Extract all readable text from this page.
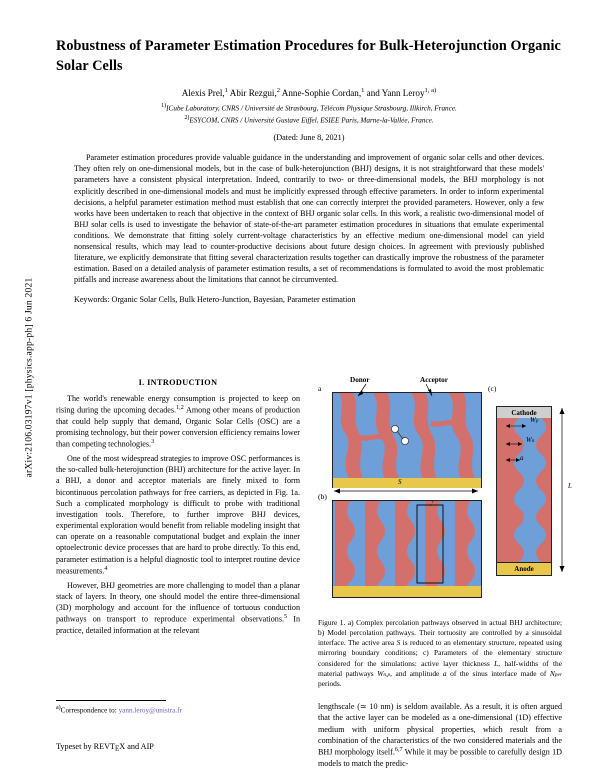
arXiv:2106.03197v1 [physics.app-ph] 6 Jun 2021
Robustness of Parameter Estimation Procedures for Bulk-Heterojunction Organic Solar Cells
Alexis Prel,$^1$ Abir Rezgui,$^2$ Anne-Sophie Cordan,$^1$ and Yann Leroy$^{1, a)}$
$^{1)}$ICube Laboratory, CNRS / Université de Strasbourg, Télécom Physique Strasbourg, Illkirch, France.
$^{2)}$ESYCOM, CNRS / Université Gustave Eiffel, ESIEE Paris, Marne-la-Vallée, France.
(Dated: June 8, 2021)
Parameter estimation procedures provide valuable guidance in the understanding and improvement of organic solar cells and other devices. They often rely on one-dimensional models, but in the case of bulk-heterojunction (BHJ) designs, it is not straightforward that these models' parameters have a consistent physical interpretation. Indeed, contrarily to two- or three-dimensional models, the BHJ morphology is not explicitly described in one-dimensional models and must be implicitly expressed through effective parameters. In order to inform experimental decisions, a helpful parameter estimation method must establish that one can correctly interpret the provided parameters. However, only a few works have been undertaken to reach that objective in the context of BHJ organic solar cells. In this work, a realistic two-dimensional model of BHJ solar cells is used to investigate the behavior of state-of-the-art parameter estimation procedures in situations that emulate experimental conditions. We demonstrate that fitting solely current-voltage characteristics by an effective medium one-dimensional model can yield nonsensical results, which may lead to counter-productive decisions about future design choices. In agreement with previously published literature, we explicitly demonstrate that fitting several characterization results together can drastically improve the robustness of the parameter estimation. Based on a detailed analysis of parameter estimation results, a set of recommendations is formulated to avoid the most problematic pitfalls and increase awareness about the limitations that cannot be circumvented.
Keywords: Organic Solar Cells, Bulk Hetero-Junction, Bayesian, Parameter estimation
I. INTRODUCTION

The world's renewable energy consumption is projected to keep on rising during the upcoming decades.$^{1,2}$ Among other means of production that could help supply that demand, Organic Solar Cells (OSC) are a promising technology, but their power conversion efficiency remains lower than competing technologies.$^3$

One of the most widespread strategies to improve OSC performances is the so-called bulk-heterojunction (BHJ) architecture for the active layer. In a BHJ, a donor and acceptor materials are finely mixed to form bicontinuous percolation pathways for free carriers, as depicted in Fig. 1a. Such a complicated morphology is difficult to probe with traditional investigation tools. Therefore, to further improve BHJ devices, experimental exploration would benefit from reliable modeling insight that can operate on a reasonable computational budget and explain the inner optoelectronic device processes that are hard to probe directly. To this end, parameter estimation is a helpful diagnostic tool to interpret routine device measurements.$^4$

However, BHJ geometries are more challenging to model than a planar stack of layers. In theory, one should model the entire three-dimensional (3D) morphology and account for the influence of tortuous conduction pathways on transport to reproduce experimental observations.$^5$ In practice, detailed information at the relevant

a
(b)
(c)
Donor	Acceptor
S
Cathode
Anode
Wp
Wn
a
L
Figure 1. a) Complex percolation pathways observed in actual BHJ architecture; b) Model percolation pathways. Their tortuosity are controlled by a sinusoidal interface. The active area S is reduced to an elementary structure, repeated using mirroring boundary conditions; c) Parameters of the elementary structure considered for the simulations: active layer thickness L, half-widths of the material pathways Wn,p, and amplitude a of the sinus interface made of Nper periods.

lengthscale (≃ 10 nm) is seldom available. As a result, it is often argued that the active layer can be modeled as a one-dimensional (1D) effective medium with uniform physical properties, which result from a combination of the characteristics of the two considered materials and the BHJ morphology itself.$^{6,7}$ While it may be possible to carefully design 1D models to match the predic-

$^{a)}$Correspondence to: yann.leroy@unistra.fr
Typeset by REVTEX and AIP
